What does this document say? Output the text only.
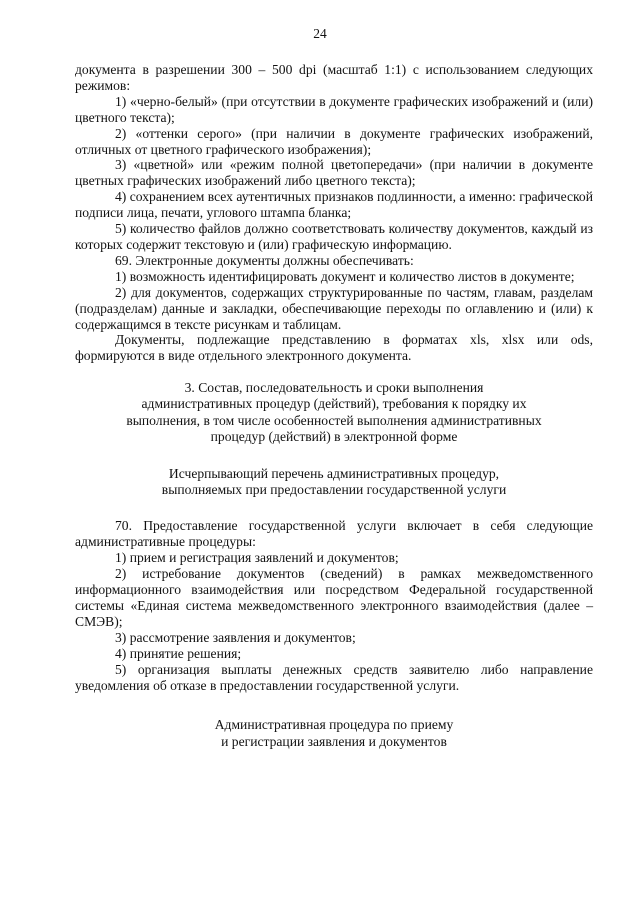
24

документа в разрешении 300 – 500 dpi (масштаб 1:1) с использованием следующих режимов:

1) «черно-белый» (при отсутствии в документе графических изображений и (или) цветного текста);

2) «оттенки серого» (при наличии в документе графических изображений, отличных от цветного графического изображения);

3) «цветной» или «режим полной цветопередачи» (при наличии в документе цветных графических изображений либо цветного текста);

4) сохранением всех аутентичных признаков подлинности, а именно: графической подписи лица, печати, углового штампа бланка;

5) количество файлов должно соответствовать количеству документов, каждый из которых содержит текстовую и (или) графическую информацию.

69. Электронные документы должны обеспечивать:

1) возможность идентифицировать документ и количество листов в документе;

2) для документов, содержащих структурированные по частям, главам, разделам (подразделам) данные и закладки, обеспечивающие переходы по оглавлению и (или) к содержащимся в тексте рисункам и таблицам.

Документы, подлежащие представлению в форматах xls, xlsx или ods, формируются в виде отдельного электронного документа.

3. Состав, последовательность и сроки выполнения
административных процедур (действий), требования к порядку их
выполнения, в том числе особенностей выполнения административных
процедур (действий) в электронной форме
Исчерпывающий перечень административных процедур,
выполняемых при предоставлении государственной услуги

70. Предоставление государственной услуги включает в себя следующие административные процедуры:

1) прием и регистрация заявлений и документов;

2) истребование документов (сведений) в рамках межведомственного информационного взаимодействия или посредством Федеральной государственной системы «Единая система межведомственного электронного взаимодействия (далее – СМЭВ);

3) рассмотрение заявления и документов;

4) принятие решения;

5) организация выплаты денежных средств заявителю либо направление уведомления об отказе в предоставлении государственной услуги.

Административная процедура по приему
и регистрации заявления и документов
